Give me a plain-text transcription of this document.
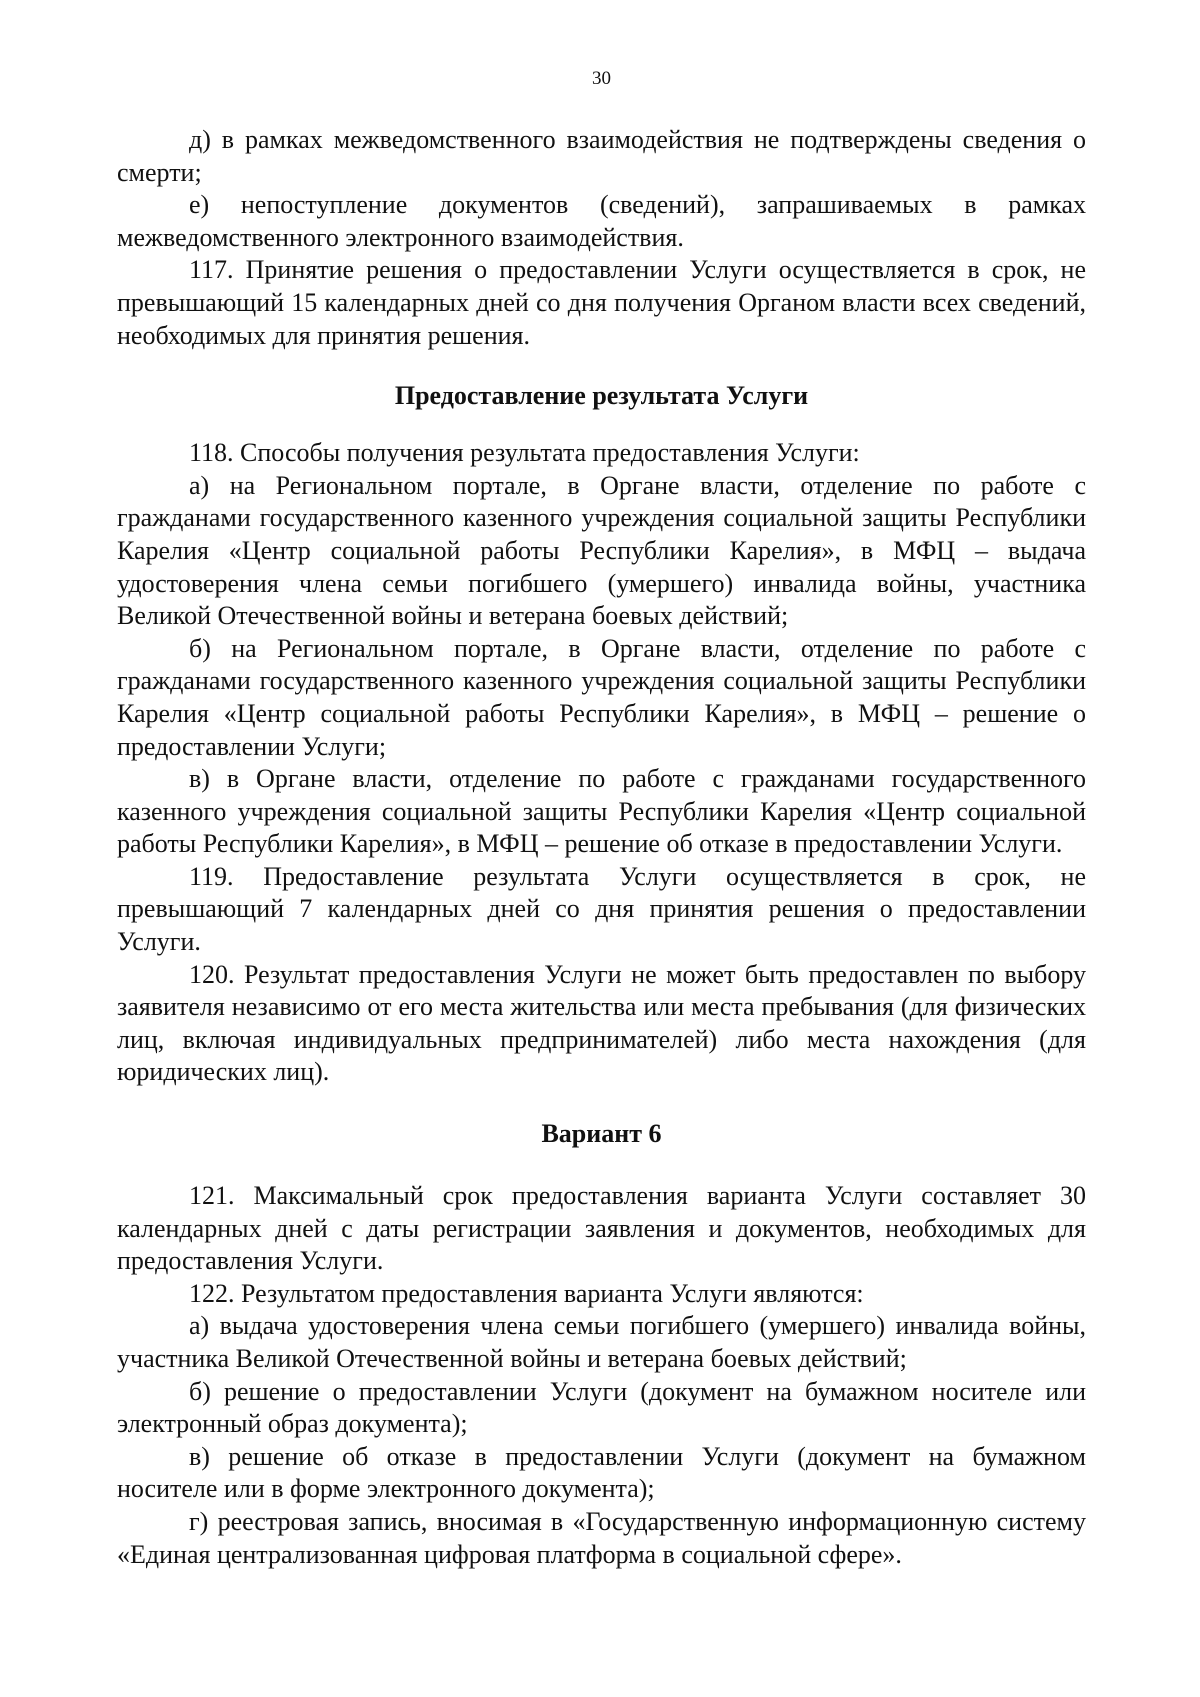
30

д) в рамках межведомственного взаимодействия не подтверждены сведения о смерти;

е) непоступление документов (сведений), запрашиваемых в рамках межведомственного электронного взаимодействия.

117. Принятие решения о предоставлении Услуги осуществляется в срок, не превышающий 15 календарных дней со дня получения Органом власти всех сведений, необходимых для принятия решения.

Предоставление результата Услуги

118. Способы получения результата предоставления Услуги:

а) на Региональном портале, в Органе власти, отделение по работе с гражданами государственного казенного учреждения социальной защиты Республики Карелия «Центр социальной работы Республики Карелия», в МФЦ – выдача удостоверения члена семьи погибшего (умершего) инвалида войны, участника Великой Отечественной войны и ветерана боевых действий;

б) на Региональном портале, в Органе власти, отделение по работе с гражданами государственного казенного учреждения социальной защиты Республики Карелия «Центр социальной работы Республики Карелия», в МФЦ – решение о предоставлении Услуги;

в) в Органе власти, отделение по работе с гражданами государственного казенного учреждения социальной защиты Республики Карелия «Центр социальной работы Республики Карелия», в МФЦ – решение об отказе в предоставлении Услуги.

119. Предоставление результата Услуги осуществляется в срок, не превышающий 7 календарных дней со дня принятия решения о предоставлении Услуги.

120. Результат предоставления Услуги не может быть предоставлен по выбору заявителя независимо от его места жительства или места пребывания (для физических лиц, включая индивидуальных предпринимателей) либо места нахождения (для юридических лиц).

Вариант 6

121. Максимальный срок предоставления варианта Услуги составляет 30 календарных дней с даты регистрации заявления и документов, необходимых для предоставления Услуги.

122. Результатом предоставления варианта Услуги являются:

а) выдача удостоверения члена семьи погибшего (умершего) инвалида войны, участника Великой Отечественной войны и ветерана боевых действий;

б) решение о предоставлении Услуги (документ на бумажном носителе или электронный образ документа);

в) решение об отказе в предоставлении Услуги (документ на бумажном носителе или в форме электронного документа);

г) реестровая запись, вносимая в «Государственную информационную систему «Единая централизованная цифровая платформа в социальной сфере».
